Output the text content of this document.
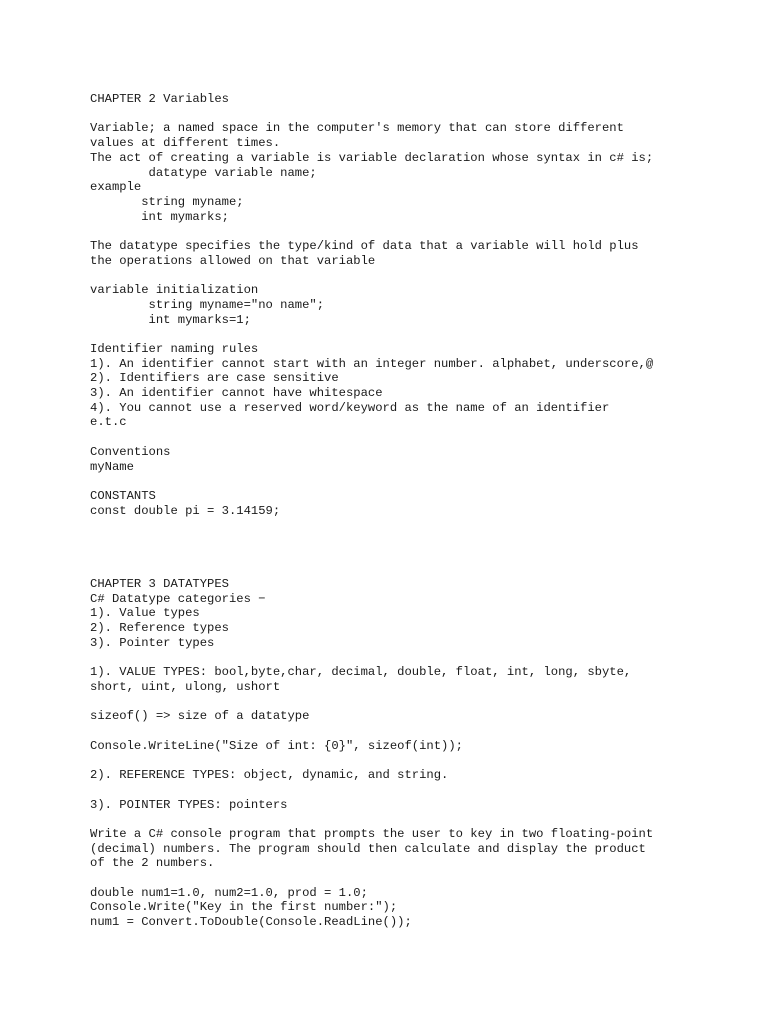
CHAPTER 2 Variables
Variable; a named space in the computer's memory that can store different
values at different times.
The act of creating a variable is variable declaration whose syntax in c# is;
datatype variable name;
example
string myname;
int mymarks;
The datatype specifies the type/kind of data that a variable will hold plus
the operations allowed on that variable
variable initialization
string myname="no name";
int mymarks=1;
Identifier naming rules
1). An identifier cannot start with an integer number. alphabet, underscore,@
2). Identifiers are case sensitive
3). An identifier cannot have whitespace
4). You cannot use a reserved word/keyword as the name of an identifier
e.t.c
Conventions
myName
CONSTANTS
const double pi = 3.14159;
CHAPTER 3 DATATYPES
C# Datatype categories −
1). Value types
2). Reference types
3). Pointer types
1). VALUE TYPES: bool,byte,char, decimal, double, float, int, long, sbyte,
short, uint, ulong, ushort
sizeof() => size of a datatype
Console.WriteLine("Size of int: {0}", sizeof(int));
2). REFERENCE TYPES: object, dynamic, and string.
3). POINTER TYPES: pointers
Write a C# console program that prompts the user to key in two floating-point
(decimal) numbers. The program should then calculate and display the product
of the 2 numbers.
double num1=1.0, num2=1.0, prod = 1.0;
Console.Write("Key in the first number:");
num1 = Convert.ToDouble(Console.ReadLine());
